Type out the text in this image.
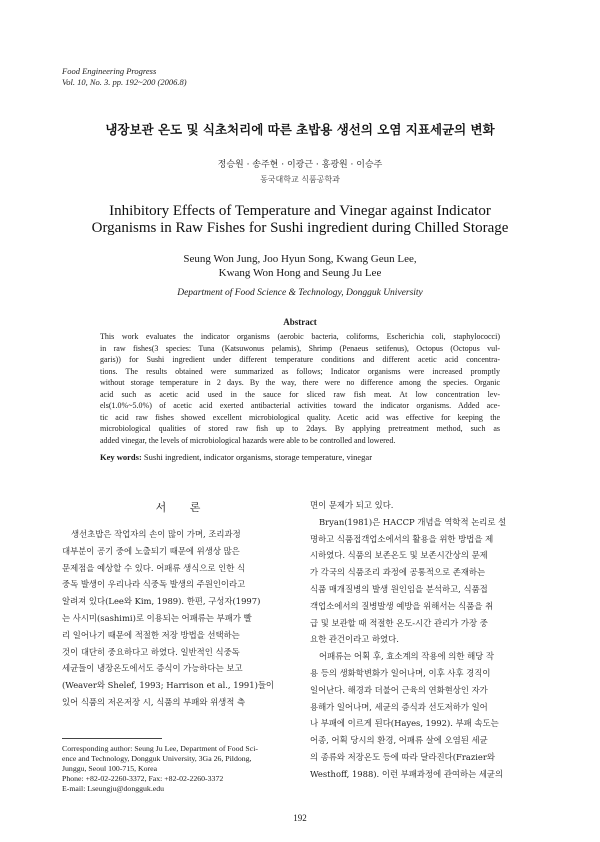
Food Engineering Progress
Vol. 10, No. 3. pp. 192~200 (2006.8)
냉장보관 온도 및 식초처리에 따른 초밥용 생선의 오염 지표세균의 변화
정승원 · 송주현 · 이광근 · 홍광원 · 이승주
동국대학교 식품공학과
Inhibitory Effects of Temperature and Vinegar against Indicator
Organisms in Raw Fishes for Sushi ingredient during Chilled Storage
Seung Won Jung, Joo Hyun Song, Kwang Geun Lee,
Kwang Won Hong and Seung Ju Lee
Department of Food Science & Technology, Dongguk University
Abstract
This work evaluates the indicator organisms (aerobic bacteria, coliforms, Escherichia coli, staphylococci)
in raw fishes(3 species: Tuna (Katsuwonus pelamis), Shrimp (Penaeus setifenus), Octopus (Octopus vul-
garis)) for Sushi ingredient under different temperature conditions and different acetic acid concentra-
tions. The results obtained were summarized as follows; Indicator organisms were increased promptly
without storage temperature in 2 days. By the way, there were no difference among the species. Organic
acid such as acetic acid used in the sauce for sliced raw fish meat. At low concentration lev-
els(1.0%~5.0%) of acetic acid exerted antibacterial activities toward the indicator organisms. Added ace-
tic acid raw fishes showed excellent microbiological quality. Acetic acid was effective for keeping the
microbiological qualities of stored raw fish up to 2days. By applying pretreatment method, such as
added vinegar, the levels of microbiological hazards were able to be controlled and lowered.
Key words: Sushi ingredient, indicator organisms, storage temperature, vinegar
서 론
생선초밥은 작업자의 손이 많이 가며, 조리과정
대부분이 공기 중에 노출되기 때문에 위생상 많은
문제점을 예상할 수 있다. 어패류 생식으로 인한 식
중독 발생이 우리나라 식중독 발생의 주원인이라고
알려져 있다(Lee와 Kim, 1989). 한편, 구성자(1997)
는 사시미(sashimi)로 이용되는 어패류는 부패가 빨
리 일어나기 때문에 적절한 저장 방법을 선택하는
것이 대단히 중요하다고 하였다. 일반적인 식중독
세균들이 냉장온도에서도 증식이 가능하다는 보고
(Weaver와 Shelef, 1993; Harrison et al., 1991)들이
있어 식품의 저온저장 시, 식품의 부패와 위생적 측
면이 문제가 되고 있다.
Bryan(1981)은 HACCP 개념을 역학적 논리로 설
명하고 식품접객업소에서의 활용을 위한 방법을 제
시하였다. 식품의 보존온도 및 보존시간상의 문제
가 각국의 식품조리 과정에 공통적으로 존재하는
식품 매개질병의 발생 원인임을 분석하고, 식품접
객업소에서의 질병발생 예방을 위해서는 식품을 취
급 및 보관할 때 적절한 온도-시간 관리가 가장 중
요한 관건이라고 하였다.
어패류는 어획 후, 효소계의 작용에 의한 해당 작
용 등의 생화학변화가 일어나며, 이후 사후 경직이
일어난다. 해경과 더불어 근육의 연화현상인 자가
용해가 일어나며, 세균의 증식과 선도저하가 일어
나 부패에 이르게 된다(Hayes, 1992). 부패 속도는
어종, 어획 당시의 환경, 어패류 살에 오염된 세균
의 종류와 저장온도 등에 따라 달라진다(Frazier와
Westhoff, 1988). 이런 부패과정에 관여하는 세균의
Corresponding author: Seung Ju Lee, Department of Food Sci-
ence and Technology, Dongguk University, 3Ga 26, Pildong,
Junggu, Seoul 100-715, Korea
Phone: +82-02-2260-3372, Fax: +82-02-2260-3372
E-mail: Lseungju@dongguk.edu
192
